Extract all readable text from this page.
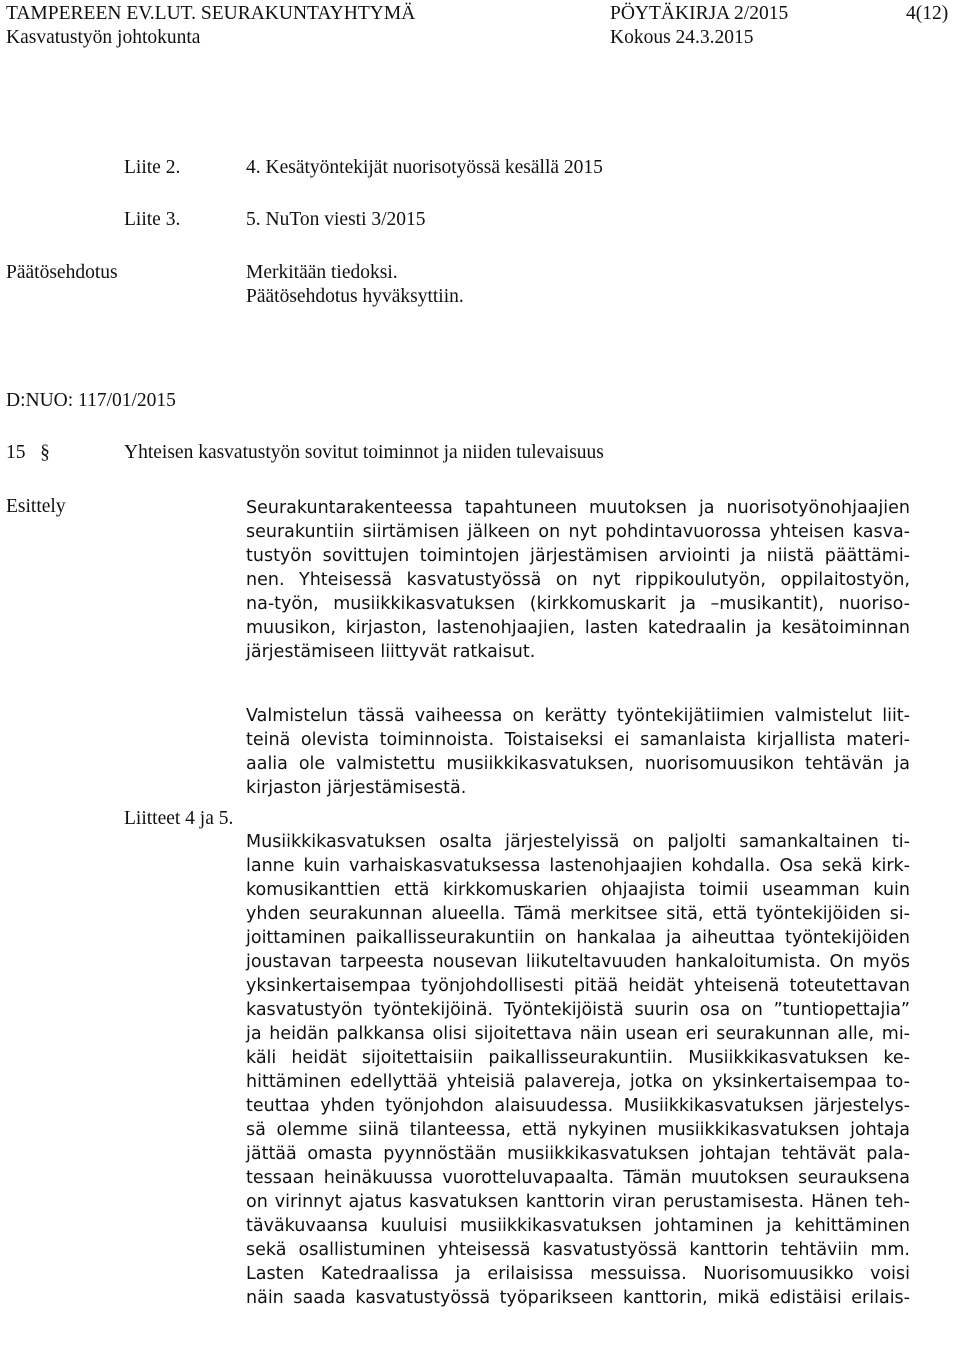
TAMPEREEN EV.LUT. SEURAKUNTAYHTYMÄ	PÖYTÄKIRJA 2/2015	4(12)
Kasvatustyön johtokunta	Kokous 24.3.2015
Liite 2.	4. Kesätyöntekijät nuorisotyössä kesällä 2015
Liite 3.	5. NuTon viesti 3/2015
Päätösehdotus	Merkitään tiedoksi.
Päätösehdotus hyväksyttiin.
D:NUO: 117/01/2015
15 §	Yhteisen kasvatustyön sovitut toiminnot ja niiden tulevaisuus
Esittely	Seurakuntarakenteessa tapahtuneen muutoksen ja nuorisotyönohjaajien
seurakuntiin siirtämisen jälkeen on nyt pohdintavuorossa yhteisen kasva-
tustyön sovittujen toimintojen järjestämisen arviointi ja niistä päättämi-
nen. Yhteisessä kasvatustyössä on nyt rippikoulutyön, oppilaitostyön,
na-työn, musiikkikasvatuksen (kirkkomuskarit ja –musikantit), nuoriso-
muusikon, kirjaston, lastenohjaajien, lasten katedraalin ja kesätoiminnan
järjestämiseen liittyvät ratkaisut.
Valmistelun tässä vaiheessa on kerätty työntekijätiimien valmistelut liit-
teinä olevista toiminnoista. Toistaiseksi ei samanlaista kirjallista materi-
aalia ole valmistettu musiikkikasvatuksen, nuorisomuusikon tehtävän ja
kirjaston järjestämisestä.
Liitteet 4 ja 5.
Musiikkikasvatuksen osalta järjestelyissä on paljolti samankaltainen ti-
lanne kuin varhaiskasvatuksessa lastenohjaajien kohdalla. Osa sekä kirk-
komusikanttien että kirkkomuskarien ohjaajista toimii useamman kuin
yhden seurakunnan alueella. Tämä merkitsee sitä, että työntekijöiden si-
joittaminen paikallisseurakuntiin on hankalaa ja aiheuttaa työntekijöiden
joustavan tarpeesta nousevan liikuteltavuuden hankaloitumista. On myös
yksinkertaisempaa työnjohdollisesti pitää heidät yhteisenä toteutettavan
kasvatustyön työntekijöinä. Työntekijöistä suurin osa on ”tuntiopettajia”
ja heidän palkkansa olisi sijoitettava näin usean eri seurakunnan alle, mi-
käli heidät sijoitettaisiin paikallisseurakuntiin. Musiikkikasvatuksen ke-
hittäminen edellyttää yhteisiä palavereja, jotka on yksinkertaisempaa to-
teuttaa yhden työnjohdon alaisuudessa. Musiikkikasvatuksen järjestelys-
sä olemme siinä tilanteessa, että nykyinen musiikkikasvatuksen johtaja
jättää omasta pyynnöstään musiikkikasvatuksen johtajan tehtävät pala-
tessaan heinäkuussa vuorotteluvapaalta. Tämän muutoksen seurauksena
on virinnyt ajatus kasvatuksen kanttorin viran perustamisesta. Hänen teh-
täväkuvaansa kuuluisi musiikkikasvatuksen johtaminen ja kehittäminen
sekä osallistuminen yhteisessä kasvatustyössä kanttorin tehtäviin mm.
Lasten Katedraalissa ja erilaisissa messuissa. Nuorisomuusikko voisi
näin saada kasvatustyössä työparikseen kanttorin, mikä edistäisi erilais-
